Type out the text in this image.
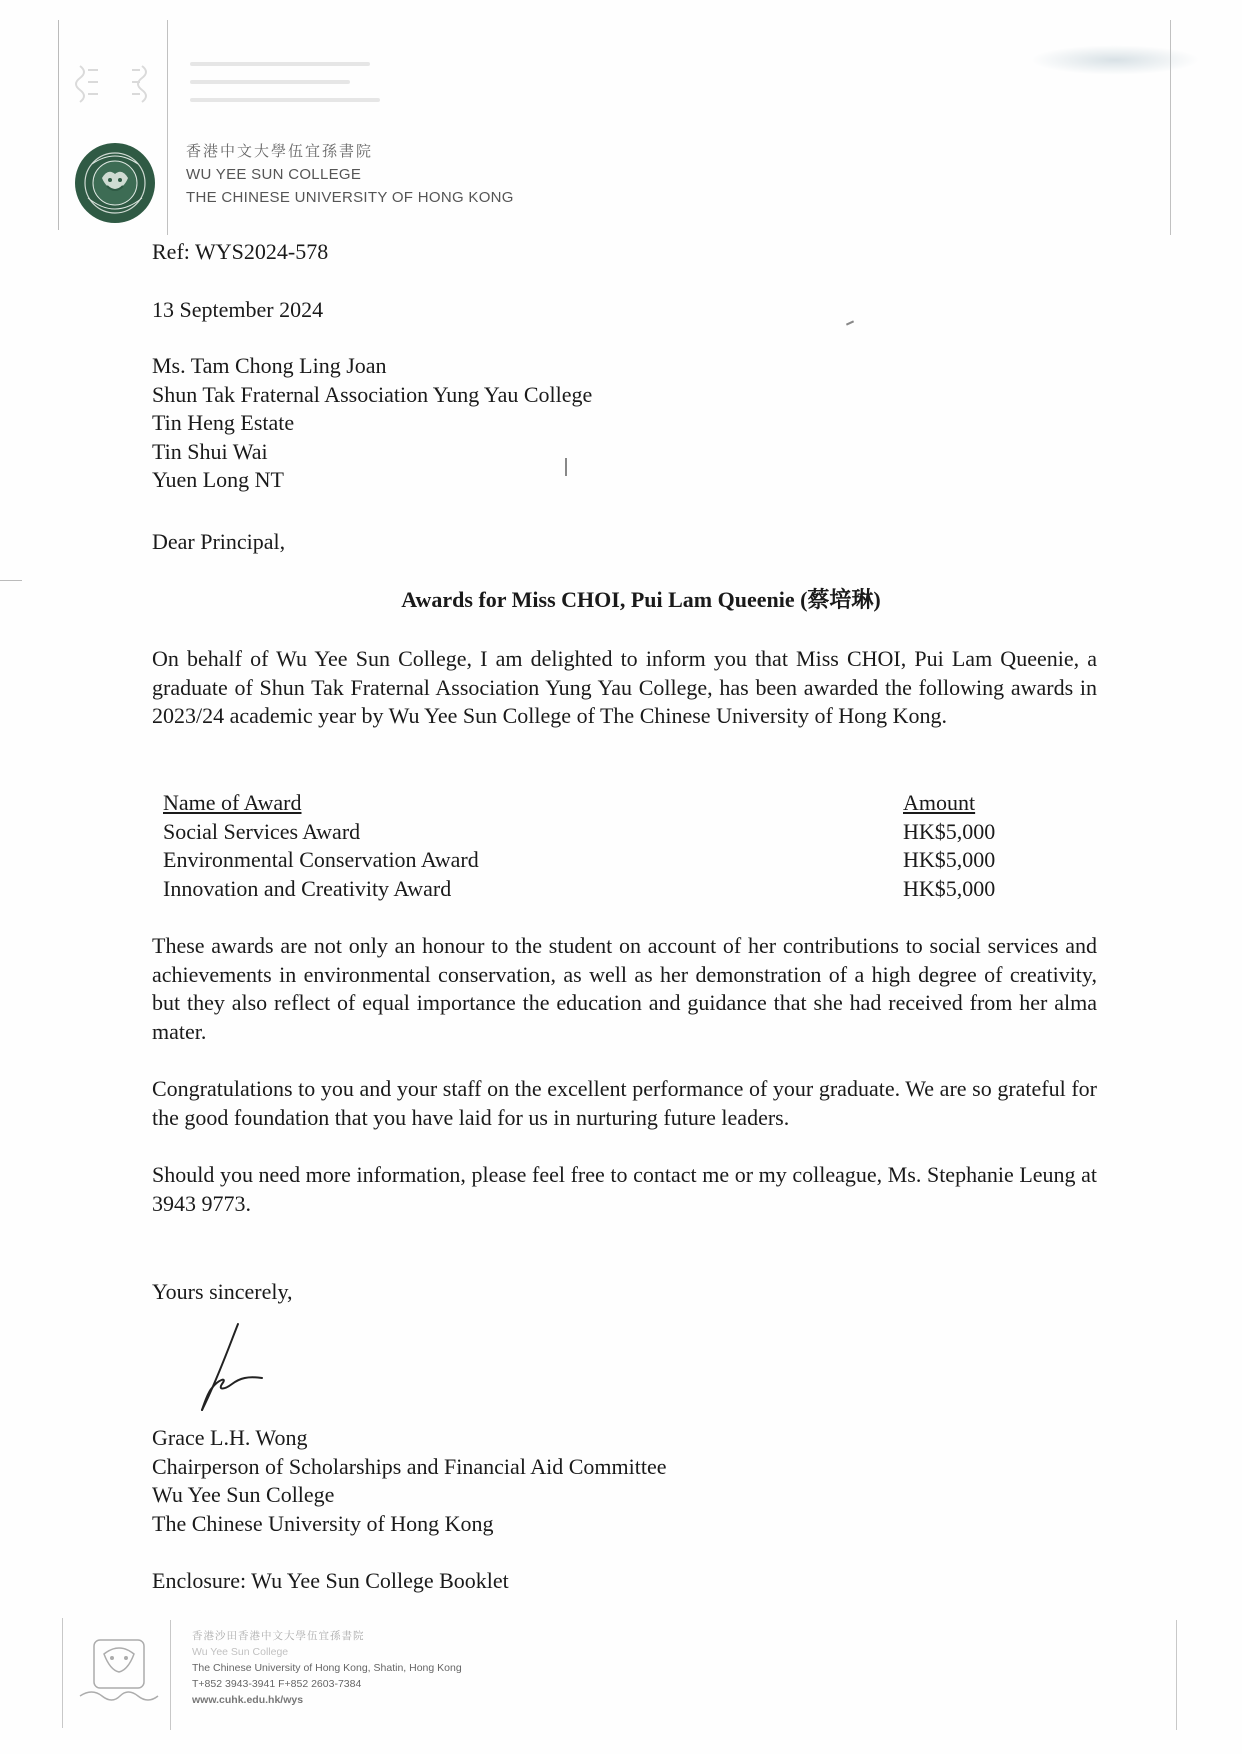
香港中文大學伍宜孫書院
WU YEE SUN COLLEGE
THE CHINESE UNIVERSITY OF HONG KONG
Ref: WYS2024-578
13 September 2024
Ms. Tam Chong Ling Joan
Shun Tak Fraternal Association Yung Yau College
Tin Heng Estate
Tin Shui Wai
Yuen Long NT
Dear Principal,
Awards for Miss CHOI, Pui Lam Queenie (蔡培琳)
On behalf of Wu Yee Sun College, I am delighted to inform you that Miss CHOI, Pui Lam Queenie, a graduate of Shun Tak Fraternal Association Yung Yau College, has been awarded the following awards in 2023/24 academic year by Wu Yee Sun College of The Chinese University of Hong Kong.
Name of Award	Amount
Social Services Award	HK$5,000
Environmental Conservation Award	HK$5,000
Innovation and Creativity Award	HK$5,000
These awards are not only an honour to the student on account of her contributions to social services and achievements in environmental conservation, as well as her demonstration of a high degree of creativity, but they also reflect of equal importance the education and guidance that she had received from her alma mater.
Congratulations to you and your staff on the excellent performance of your graduate. We are so grateful for the good foundation that you have laid for us in nurturing future leaders.
Should you need more information, please feel free to contact me or my colleague, Ms. Stephanie Leung at 3943 9773.
Yours sincerely,
Grace L.H. Wong
Chairperson of Scholarships and Financial Aid Committee
Wu Yee Sun College
The Chinese University of Hong Kong
Enclosure: Wu Yee Sun College Booklet
香港沙田香港中文大學伍宜孫書院
Wu Yee Sun College
The Chinese University of Hong Kong, Shatin, Hong Kong
T+852 3943-3941 F+852 2603-7384
www.cuhk.edu.hk/wys
